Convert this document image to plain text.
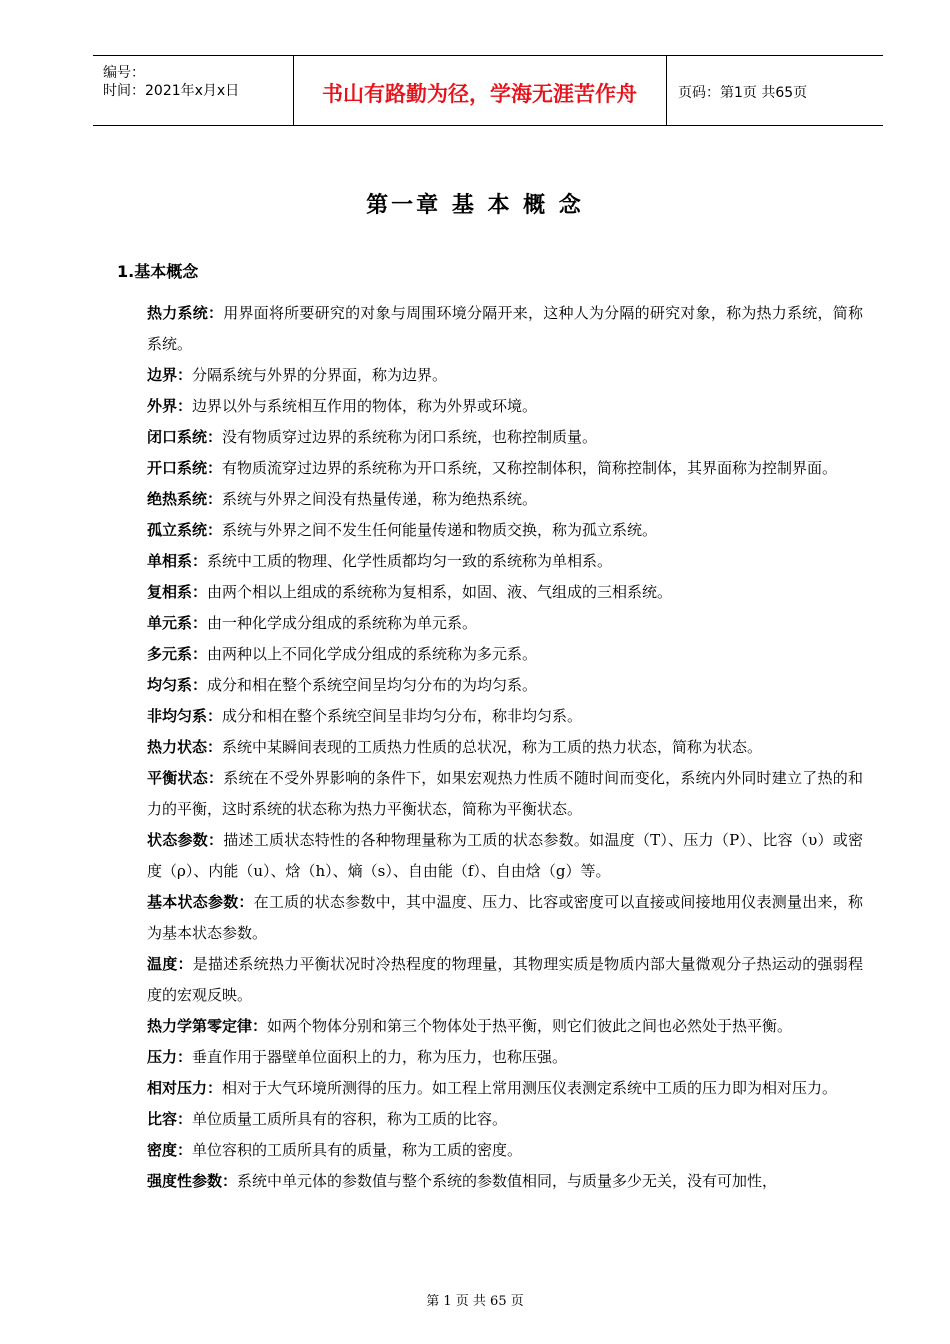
编号：
时间：2021年x月x日	书山有路勤为径，学海无涯苦作舟	页码：第1页 共65页
第一章 基 本 概 念
1.基本概念

热力系统：用界面将所要研究的对象与周围环境分隔开来，这种人为分隔的研究对象，称为热力系统，简称系统。

边界：分隔系统与外界的分界面，称为边界。

外界：边界以外与系统相互作用的物体，称为外界或环境。

闭口系统：没有物质穿过边界的系统称为闭口系统，也称控制质量。

开口系统：有物质流穿过边界的系统称为开口系统，又称控制体积，简称控制体，其界面称为控制界面。

绝热系统：系统与外界之间没有热量传递，称为绝热系统。

孤立系统：系统与外界之间不发生任何能量传递和物质交换，称为孤立系统。

单相系：系统中工质的物理、化学性质都均匀一致的系统称为单相系。

复相系：由两个相以上组成的系统称为复相系，如固、液、气组成的三相系统。

单元系：由一种化学成分组成的系统称为单元系。

多元系：由两种以上不同化学成分组成的系统称为多元系。

均匀系：成分和相在整个系统空间呈均匀分布的为均匀系。

非均匀系：成分和相在整个系统空间呈非均匀分布，称非均匀系。

热力状态：系统中某瞬间表现的工质热力性质的总状况，称为工质的热力状态，简称为状态。

平衡状态：系统在不受外界影响的条件下，如果宏观热力性质不随时间而变化，系统内外同时建立了热的和力的平衡，这时系统的状态称为热力平衡状态，简称为平衡状态。

状态参数：描述工质状态特性的各种物理量称为工质的状态参数。如温度（T）、压力（P）、比容（υ）或密度（ρ）、内能（u）、焓（h）、熵（s）、自由能（f）、自由焓（g）等。

基本状态参数：在工质的状态参数中，其中温度、压力、比容或密度可以直接或间接地用仪表测量出来，称为基本状态参数。

温度：是描述系统热力平衡状况时冷热程度的物理量，其物理实质是物质内部大量微观分子热运动的强弱程度的宏观反映。

热力学第零定律：如两个物体分别和第三个物体处于热平衡，则它们彼此之间也必然处于热平衡。

压力：垂直作用于器壁单位面积上的力，称为压力，也称压强。

相对压力：相对于大气环境所测得的压力。如工程上常用测压仪表测定系统中工质的压力即为相对压力。

比容：单位质量工质所具有的容积，称为工质的比容。

密度：单位容积的工质所具有的质量，称为工质的密度。

强度性参数：系统中单元体的参数值与整个系统的参数值相同，与质量多少无关，没有可加性，

第 1 页 共 65 页
